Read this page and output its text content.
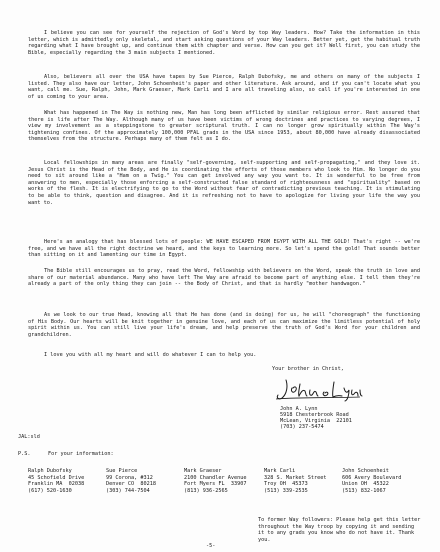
I believe you can see for yourself the rejection of God's Word by top Way leaders. How? Take the information in this letter, which is admittedly only skeletal, and start asking questions of your Way leaders. Better yet, get the habitual truth regarding what I have brought up, and continue them with chapter and verse. How can you get it? Well first, you can study the Bible, especially regarding the 3 main subjects I mentioned.

Also, believers all over the USA have tapes by Sue Pierce, Ralph Dubofsky, me and others on many of the subjects I listed. They also have our letter, John Schoenheit's paper and other literature. Ask around, and if you can't locate what you want, call me. Sue, Ralph, John, Mark Graeser, Mark Carli and I are all traveling also, so call if you're interested in one of us coming to your area.

What has happened in The Way is nothing new, Man has long been afflicted by similar religious error. Rest assured that there is life after The Way. Although many of us have been victims of wrong doctrines and practices to varying degrees, I view my involvement as a steppingstone to greater scriptural truth. I can no longer grow spiritually within The Way's tightening confines. Of the approximately 100,000 PFAL grads in the USA since 1953, about 80,000 have already disassociated themselves from the structure. Perhaps many of them felt as I do.

Local fellowships in many areas are finally "self-governing, self-supporting and self-propagating," and they love it. Jesus Christ is the Head of the Body, and He is coordinating the efforts of those members who look to Him. No longer do you need to sit around like a "Ham on a Twig." You can get involved any way you want to. It is wonderful to be free from answering to men, especially those enforcing a self-constructed false standard of righteousness and "spirituality" based on works of the flesh. It is electrifying to go to the Word without fear of contradicting previous teaching. It is stimulating to be able to think, question and disagree. And it is refreshing not to have to apologize for living your life the way you want to.

Here's an analogy that has blessed lots of people: WE HAVE ESCAPED FROM EGYPT WITH ALL THE GOLD! That's right -- we're free, and we have all the right doctrine we heard, and the keys to learning more. So let's spend the gold! That sounds better than sitting on it and lamenting our time in Egypt.

The Bible still encourages us to pray, read the Word, fellowship with believers on the Word, speak the truth in love and share of our material abundance. Many who have left The Way are afraid to become part of anything else. I tell them they're already a part of the only thing they can join -- the Body of Christ, and that is hardly "mother handwagon."

As we look to our true Head, knowing all that He has done (and is doing) for us, he will "choreograph" the functioning of His Body. Our hearts will be knit together in genuine love, and each of us can maximize the limitless potential of holy spirit within us. You can still live your life's dream, and help preserve the truth of God's Word for your children and grandchildren.

I love you with all my heart and will do whatever I can to help you.

Your brother in Christ,
John A. Lynn
5918 Chesterbrook Road
McLean, Virginia  22101
(703) 237-5474

JAL:sld

P.S.	For your information:

Ralph Dubofsky
45 Schofield Drive
Franklin MA  02038
(617) 520-1630
Sue Pierce
99 Corona, #312
Denver CO  80218
(303) 744-7504
Mark Graeser
2100 Chandler Avenue
Fort Myers FL  33907
(813) 936-2565
Mark Carli
328 S. Market Street
Troy OH  45373
(513) 339-2535
John Schoenheit
606 Avery Boulevard
Union OH  45322
(513) 832-1067

To former Way followers: Please help get this letter throughout the Way troop by copying it and sending it to any grads you know who do not have it. Thank you.

-5-
